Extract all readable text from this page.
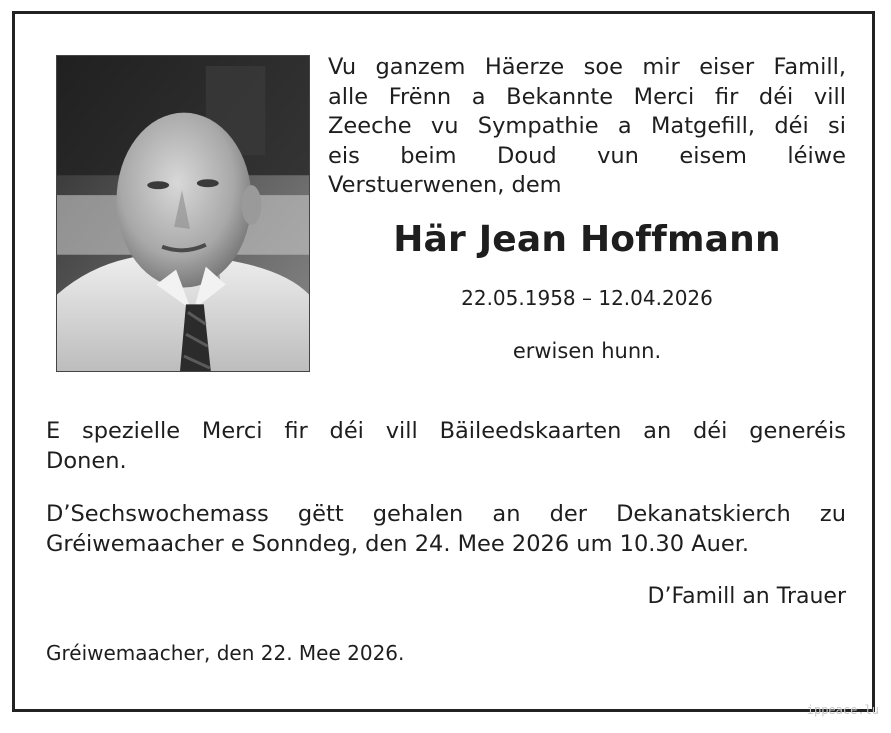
Vu ganzem Häerze soe mir eiser Famill,
alle Frënn a Bekannte Merci fir déi vill
Zeeche vu Sympathie a Matgefill, déi si
eis beim Doud vun eisem léiwe
Verstuerwenen, dem

Här Jean Hoffmann
22.05.1958 – 12.04.2026
erwisen hunn.

E spezielle Merci fir déi vill Bäileedskaarten an déi generéis
Donen.

D’Sechswochemass gëtt gehalen an der Dekanatskierch zu
Gréiwemaacher e Sonndeg, den 24. Mee 2026 um 10.30 Auer.

D’Famill an Trauer
Gréiwemaacher, den 22. Mee 2026.
ippeace.lu
